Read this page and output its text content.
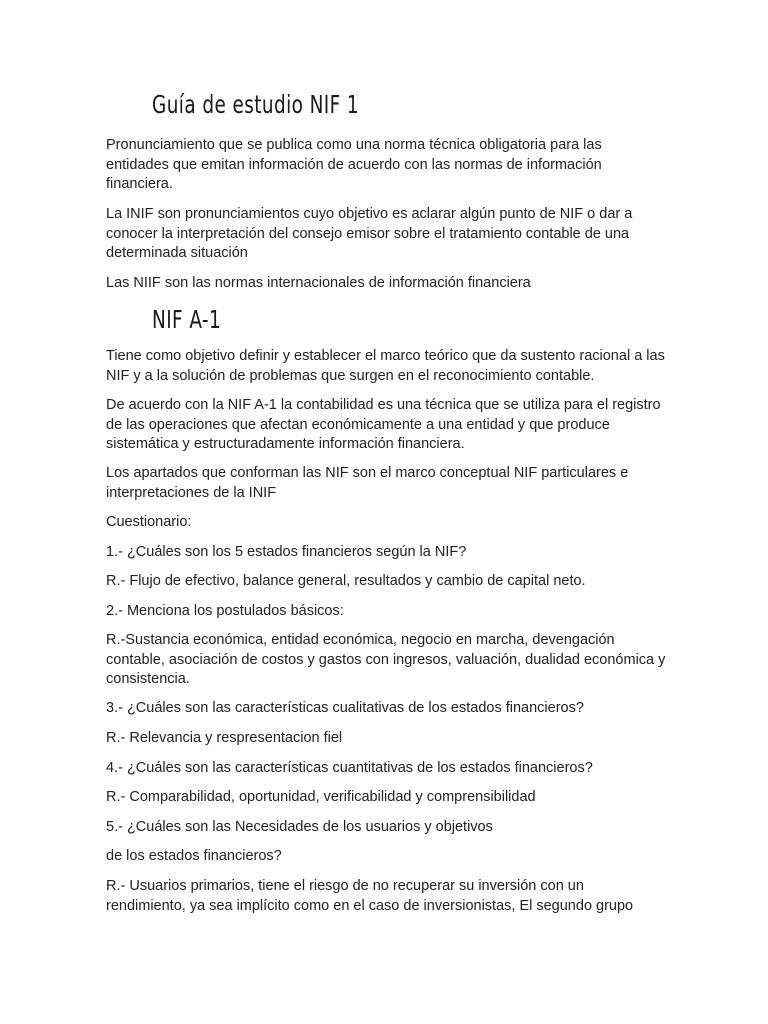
Guía de estudio NIF 1

Pronunciamiento que se publica como una norma técnica obligatoria para las entidades que emitan información de acuerdo con las normas de información financiera.

La INIF son pronunciamientos cuyo objetivo es aclarar algún punto de NIF o dar a conocer la interpretación del consejo emisor sobre el tratamiento contable de una determinada situación

Las NIIF son las normas internacionales de información financiera

NIF A-1

Tiene como objetivo definir y establecer el marco teórico que da sustento racional a las NIF y a la solución de problemas que surgen en el reconocimiento contable.

De acuerdo con la NIF A-1 la contabilidad es una técnica que se utiliza para el registro de las operaciones que afectan económicamente a una entidad y que produce sistemática y estructuradamente información financiera.

Los apartados que conforman las NIF son el marco conceptual NIF particulares e interpretaciones de la INIF

Cuestionario:

1.- ¿Cuáles son los 5 estados financieros según la NIF?

R.- Flujo de efectivo, balance general, resultados y cambio de capital neto.

2.- Menciona los postulados básicos:

R.-Sustancia económica, entidad económica, negocio en marcha, devengación contable, asociación de costos y gastos con ingresos, valuación, dualidad económica y consistencia.

3.- ¿Cuáles son las características cualitativas de los estados financieros?

R.- Relevancia y respresentacion fiel

4.- ¿Cuáles son las características cuantitativas de los estados financieros?

R.- Comparabilidad, oportunidad, verificabilidad y comprensibilidad

5.- ¿Cuáles son las Necesidades de los usuarios y objetivos

de los estados financieros?

R.- Usuarios primarios, tiene el riesgo de no recuperar su inversión con un rendimiento, ya sea implícito como en el caso de inversionistas, El segundo grupo
